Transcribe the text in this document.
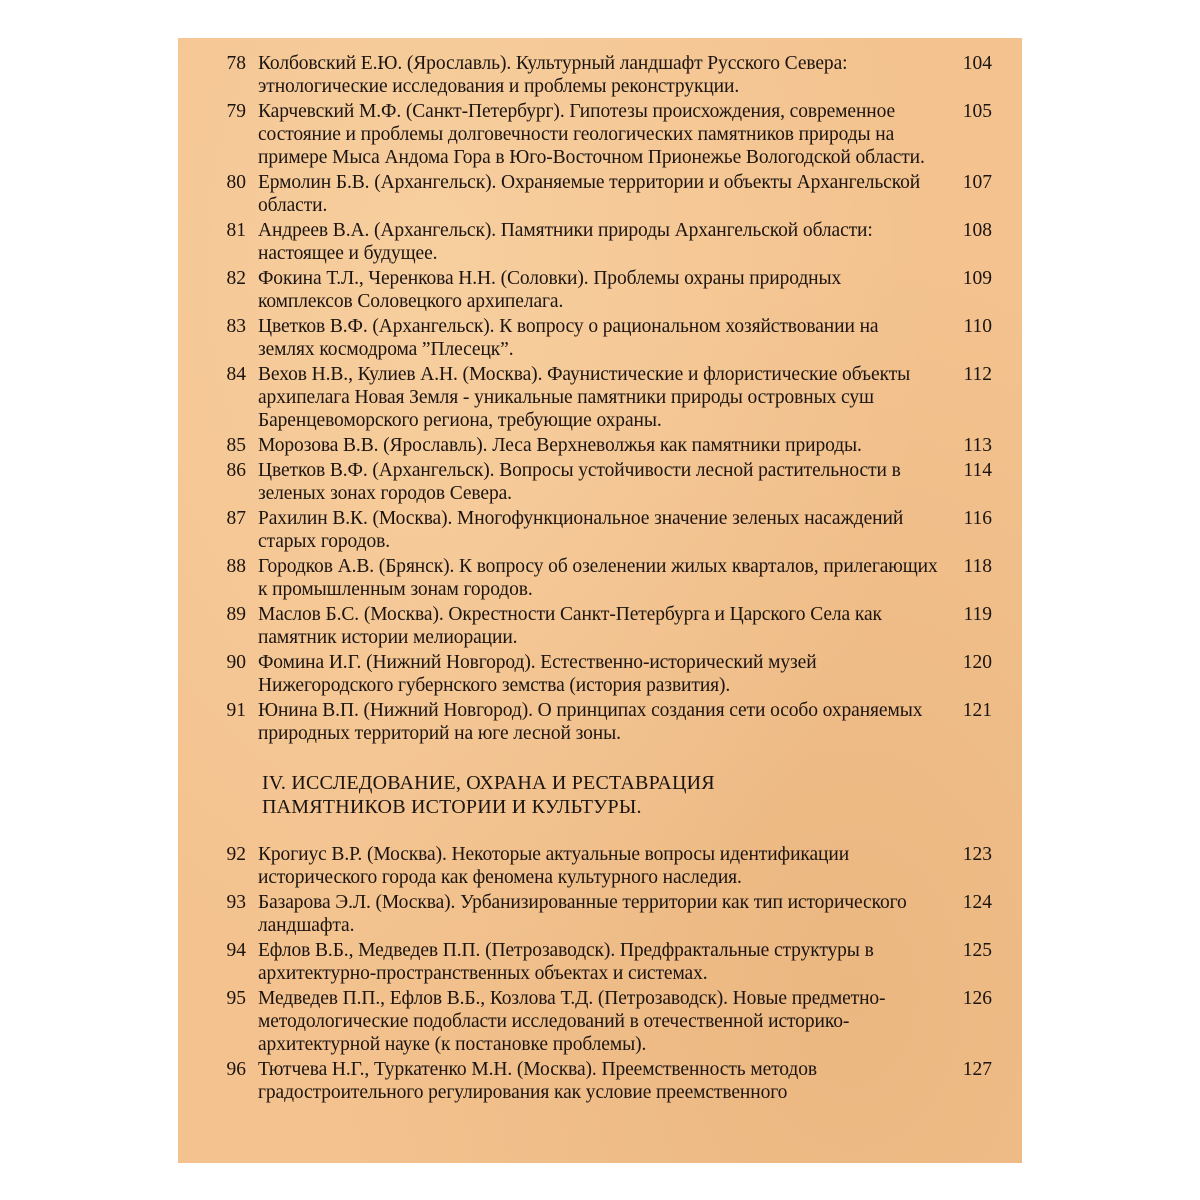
78 Колбовский Е.Ю. (Ярославль). Культурный ландшафт Русского Севера: этнологические исследования и проблемы реконструкции.
104
79 Карчевский М.Ф. (Санкт-Петербург). Гипотезы происхождения, современное состояние и проблемы долговечности геологических памятников природы на примере Мыса Андома Гора в Юго-Восточном Прионежье Вологодской области.
105
80 Ермолин Б.В. (Архангельск). Охраняемые территории и объекты Архангельской области.
107
81 Андреев В.А. (Архангельск). Памятники природы Архангельской области: настоящее и будущее.
108
82 Фокина Т.Л., Черенкова Н.Н. (Соловки). Проблемы охраны природных комплексов Соловецкого архипелага.
109
83 Цветков В.Ф. (Архангельск). К вопросу о рациональном хозяйствовании на землях космодрома ”Плесецк”.
110
84 Вехов Н.В., Кулиев А.Н. (Москва). Фаунистические и флористические объекты архипелага Новая Земля - уникальные памятники природы островных суш Баренцевоморского региона, требующие охраны.
112
85 Морозова В.В. (Ярославль). Леса Верхневолжья как памятники природы.	113
86 Цветков В.Ф. (Архангельск). Вопросы устойчивости лесной растительности в зеленых зонах городов Севера.
114
87 Рахилин В.К. (Москва). Многофункциональное значение зеленых насаждений старых городов.
116
88 Городков А.В. (Брянск). К вопросу об озеленении жилых кварталов, прилегающих к промышленным зонам городов.
118
89 Маслов Б.С. (Москва). Окрестности Санкт-Петербурга и Царского Села как памятник истории мелиорации.
119
90 Фомина И.Г. (Нижний Новгород). Естественно-исторический музей Нижегородского губернского земства (история развития).
120
91 Юнина В.П. (Нижний Новгород). О принципах создания сети особо охраняемых природных территорий на юге лесной зоны.
121
IV. ИССЛЕДОВАНИЕ, ОХРАНА И РЕСТАВРАЦИЯ
ПАМЯТНИКОВ ИСТОРИИ И КУЛЬТУРЫ.
92 Крогиус В.Р. (Москва). Некоторые актуальные вопросы идентификации исторического города как феномена культурного наследия.
123
93 Базарова Э.Л. (Москва). Урбанизированные территории как тип исторического ландшафта.
124
94 Ефлов В.Б., Медведев П.П. (Петрозаводск). Предфрактальные структуры в архитектурно-пространственных объектах и системах.
125
95 Медведев П.П., Ефлов В.Б., Козлова Т.Д. (Петрозаводск). Новые предметно-методологические подобласти исследований в отечественной историко-архитектурной науке (к постановке проблемы).
126
96 Тютчева Н.Г., Туркатенко М.Н. (Москва). Преемственность методов градостроительного регулирования как условие преемственного
127
